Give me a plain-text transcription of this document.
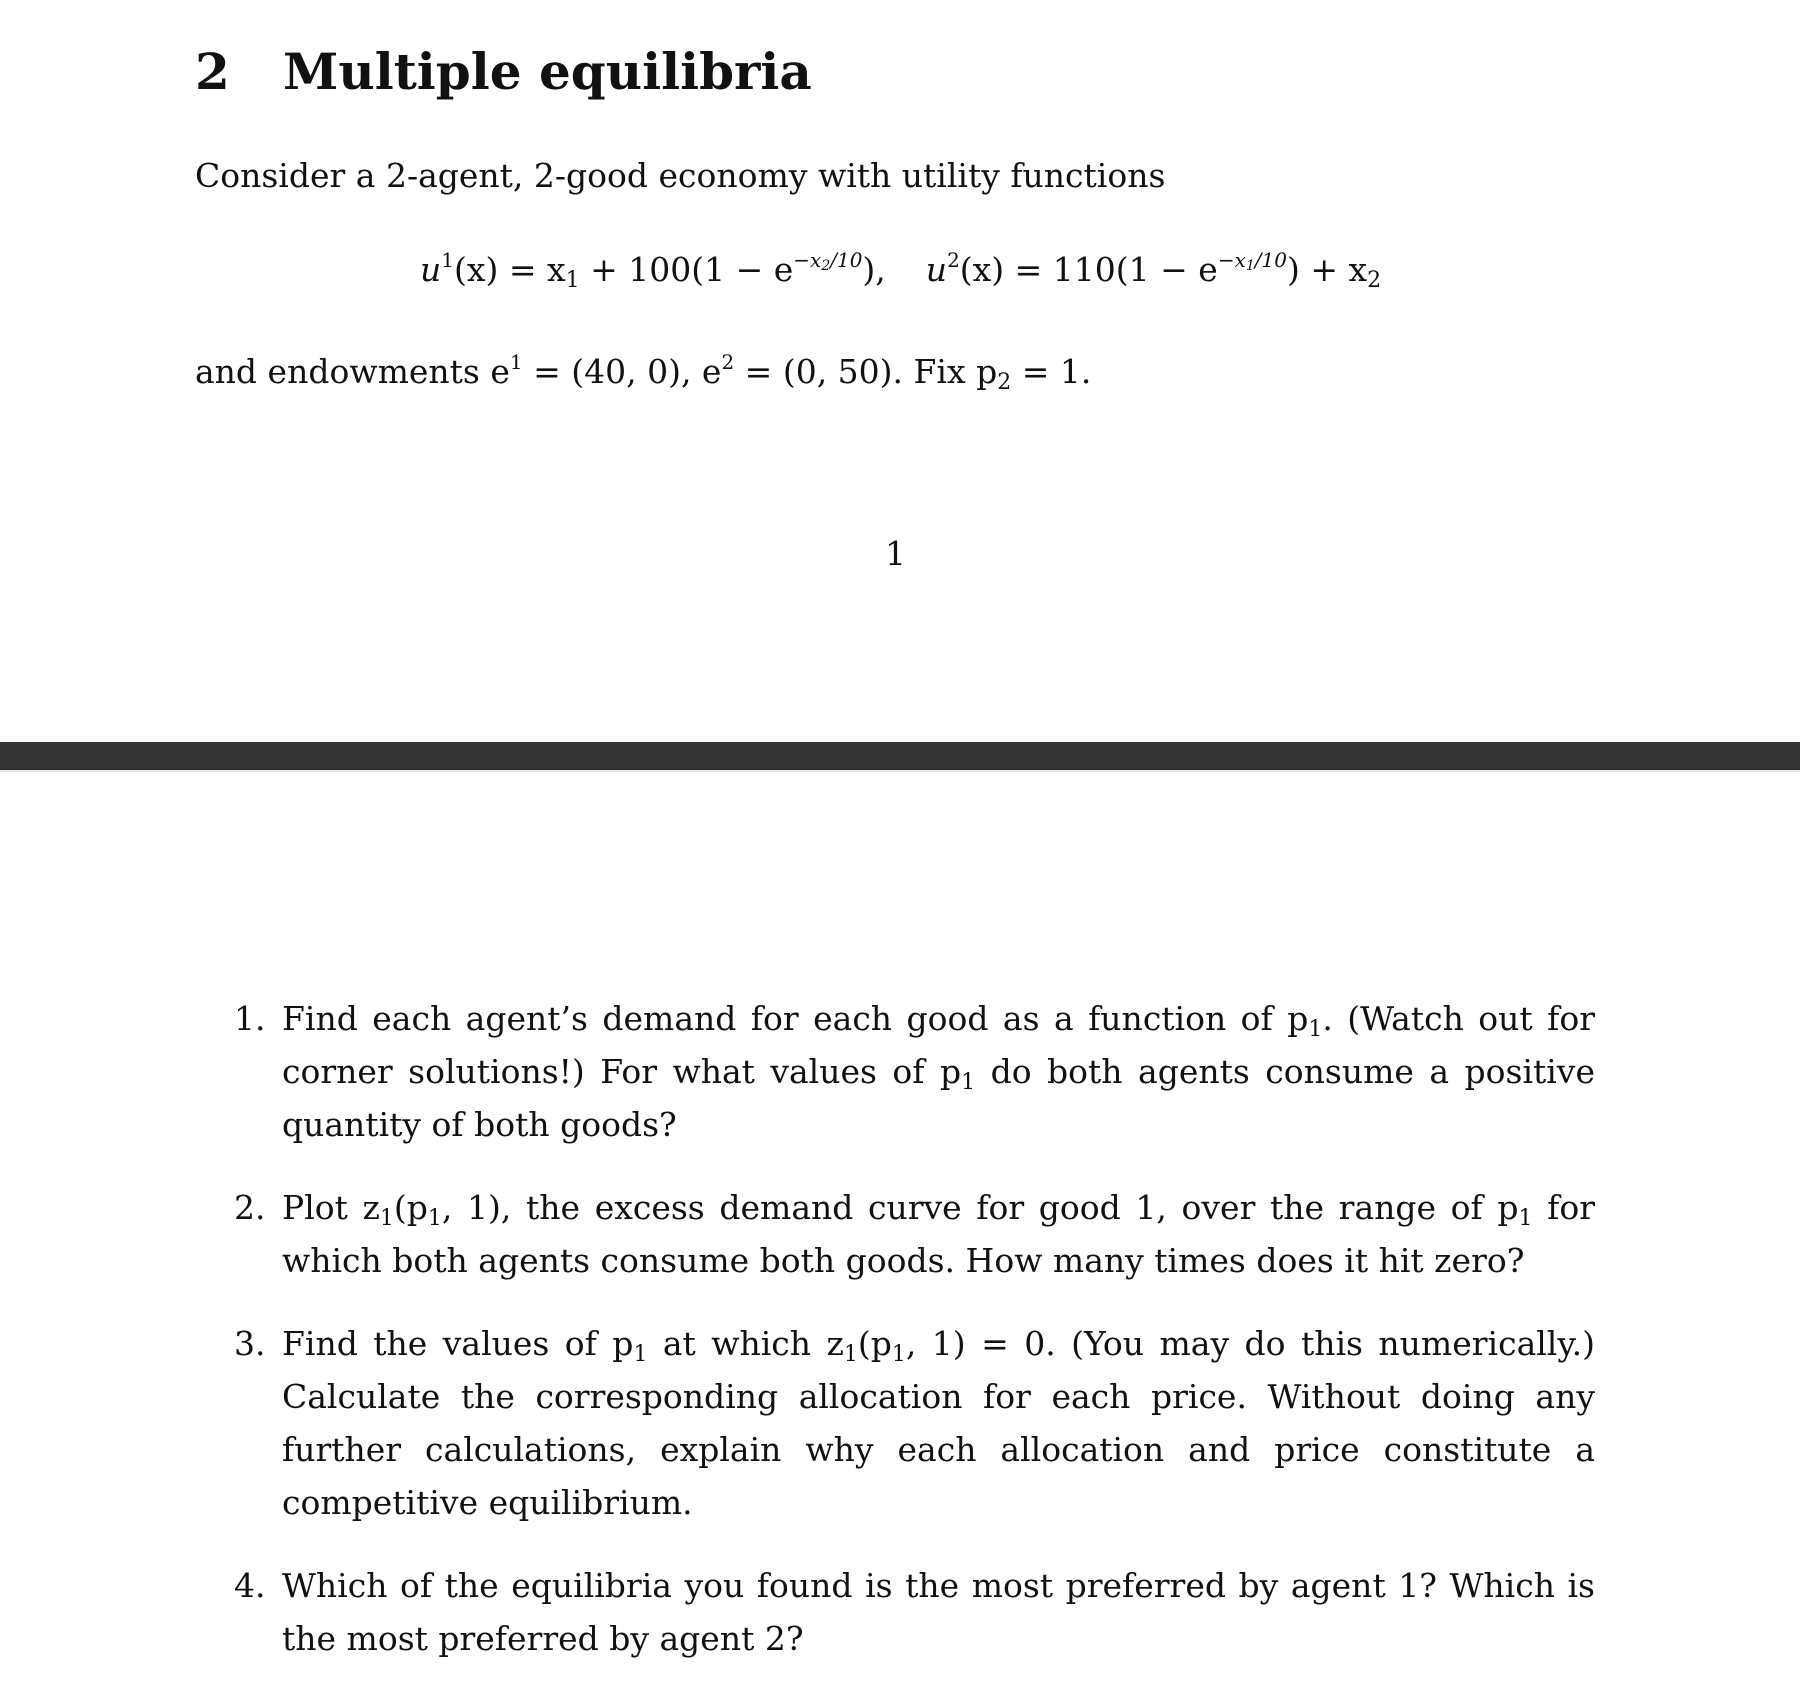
2 Multiple equilibria

Consider a 2-agent, 2-good economy with utility functions

$u^1(x) = x_1 + 100(1 - e^{-x_2/10})$, $u^2(x) = 110(1 - e^{-x_1/10}) + x_2$

and endowments $e^1 = (40$, 0), $e^2 = (0$, 50). Fix $p_2 = 1$.

1

1. Find each agent’s demand for each good as a function of $p_1$. (Watch out for corner solutions!) For what values of $p_1$ do both agents consume a positive quantity of both goods?
2. Plot $z_1(p_1$, 1), the excess demand curve for good 1, over the range of $p_1$ for which both agents consume both goods. How many times does it hit zero?
3. Find the values of $p_1$ at which $z_1(p_1$, 1) = 0. (You may do this numerically.) Calculate the corresponding allocation for each price. Without doing any further calculations, explain why each allocation and price constitute a competitive equilibrium.
4. Which of the equilibria you found is the most preferred by agent 1? Which is the most preferred by agent 2?
